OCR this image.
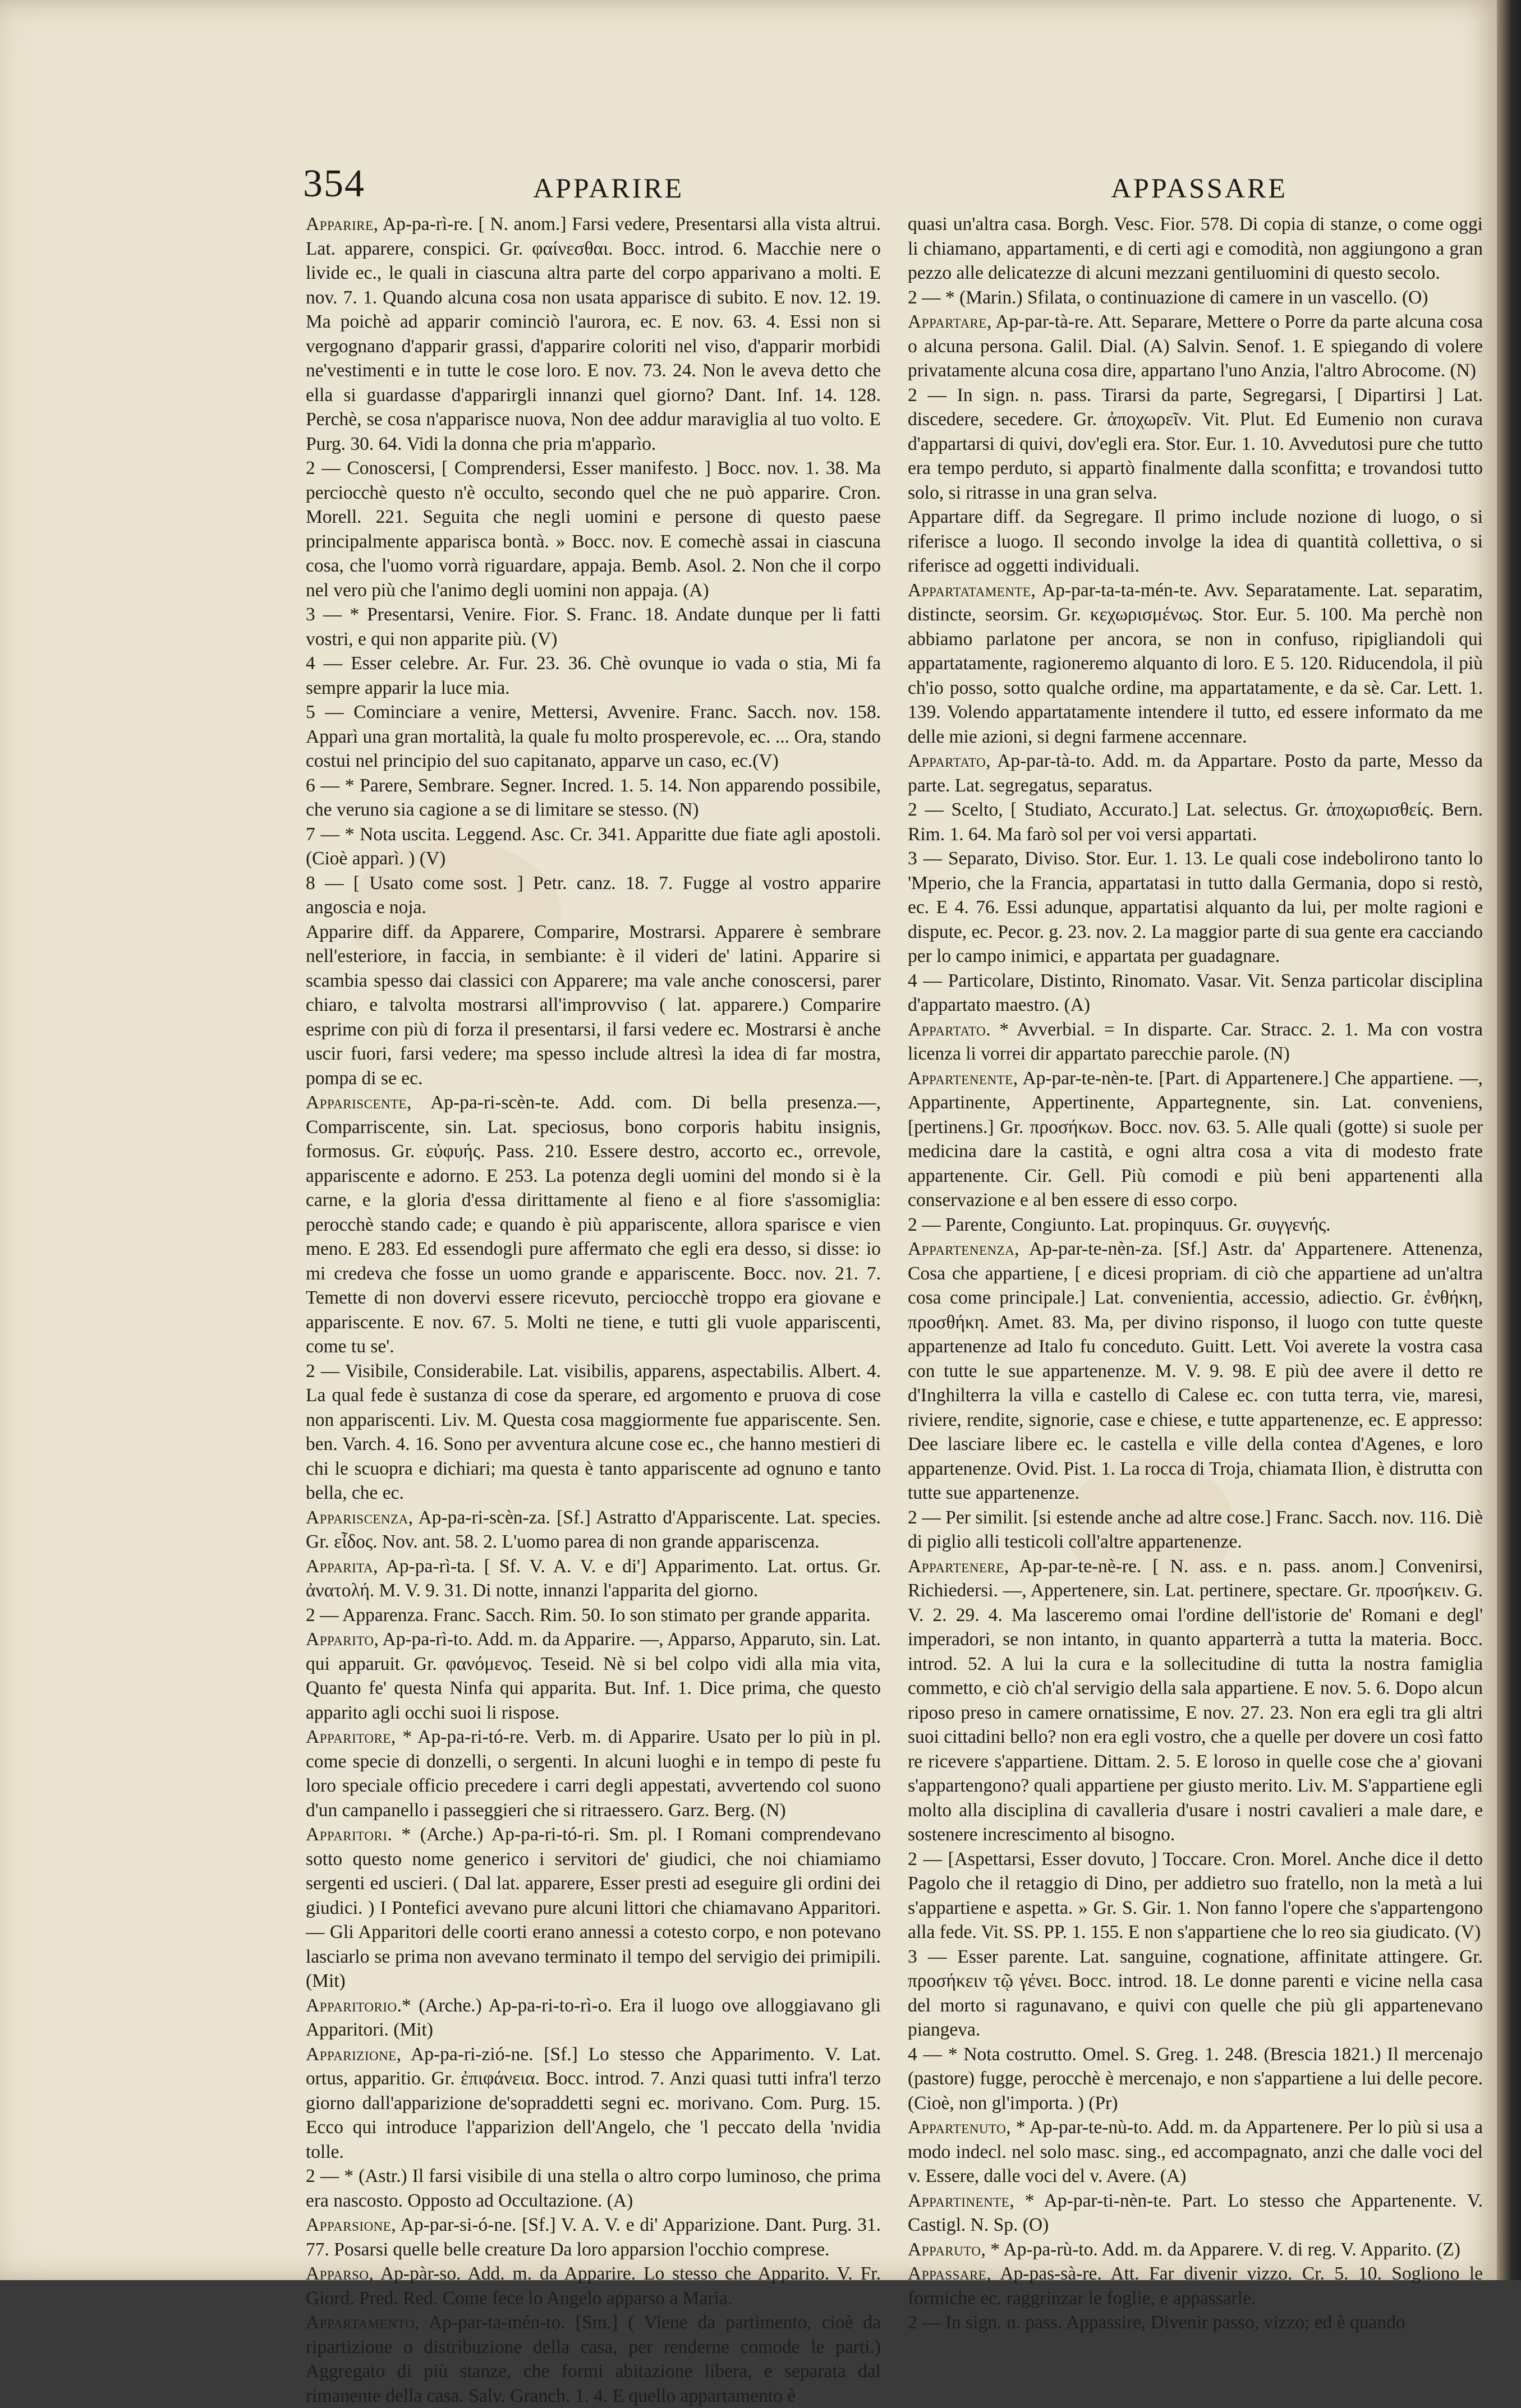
354	APPARIRE	APPASSARE

Apparire, Ap-pa-rì-re. [ N. anom.] Farsi vedere, Presentarsi alla vista altrui. Lat. apparere, conspici. Gr. φαίνεσθαι. Bocc. introd. 6. Macchie nere o livide ec., le quali in ciascuna altra parte del corpo apparivano a molti. E nov. 7. 1. Quando alcuna cosa non usata apparisce di subito. E nov. 12. 19. Ma poichè ad apparir cominciò l'aurora, ec. E nov. 63. 4. Essi non si vergognano d'apparir grassi, d'apparire coloriti nel viso, d'apparir morbidi ne'vestimenti e in tutte le cose loro. E nov. 73. 24. Non le aveva detto che ella si guardasse d'apparirgli innanzi quel giorno? Dant. Inf. 14. 128. Perchè, se cosa n'apparisce nuova, Non dee addur maraviglia al tuo volto. E Purg. 30. 64. Vidi la donna che pria m'apparìo.

2 — Conoscersi, [ Comprendersi, Esser manifesto. ] Bocc. nov. 1. 38. Ma perciocchè questo n'è occulto, secondo quel che ne può apparire. Cron. Morell. 221. Seguita che negli uomini e persone di questo paese principalmente apparisca bontà. » Bocc. nov. E comechè assai in ciascuna cosa, che l'uomo vorrà riguardare, appaja. Bemb. Asol. 2. Non che il corpo nel vero più che l'animo degli uomini non appaja. (A)

3 — * Presentarsi, Venire. Fior. S. Franc. 18. Andate dunque per li fatti vostri, e qui non apparite più. (V)

4 — Esser celebre. Ar. Fur. 23. 36. Chè ovunque io vada o stia, Mi fa sempre apparir la luce mia.

5 — Cominciare a venire, Mettersi, Avvenire. Franc. Sacch. nov. 158. Apparì una gran mortalità, la quale fu molto prosperevole, ec. ... Ora, stando costui nel principio del suo capitanato, apparve un caso, ec.(V)

6 — * Parere, Sembrare. Segner. Incred. 1. 5. 14. Non apparendo possibile, che veruno sia cagione a se di limitare se stesso. (N)

7 — * Nota uscita. Leggend. Asc. Cr. 341. Apparitte due fiate agli apostoli. (Cioè apparì. ) (V)

8 — [ Usato come sost. ] Petr. canz. 18. 7. Fugge al vostro apparire angoscia e noja.

Apparire diff. da Apparere, Comparire, Mostrarsi. Apparere è sembrare nell'esteriore, in faccia, in sembiante: è il videri de' latini. Apparire si scambia spesso dai classici con Apparere; ma vale anche conoscersi, parer chiaro, e talvolta mostrarsi all'improvviso ( lat. apparere.) Comparire esprime con più di forza il presentarsi, il farsi vedere ec. Mostrarsi è anche uscir fuori, farsi vedere; ma spesso include altresì la idea di far mostra, pompa di se ec.

Appariscente, Ap-pa-ri-scèn-te. Add. com. Di bella presenza.—, Comparriscente, sin. Lat. speciosus, bono corporis habitu insignis, formosus. Gr. εὐφυής. Pass. 210. Essere destro, accorto ec., orrevole, appariscente e adorno. E 253. La potenza degli uomini del mondo si è la carne, e la gloria d'essa dirittamente al fieno e al fiore s'assomiglia: perocchè stando cade; e quando è più appariscente, allora sparisce e vien meno. E 283. Ed essendogli pure affermato che egli era desso, si disse: io mi credeva che fosse un uomo grande e appariscente. Bocc. nov. 21. 7. Temette di non dovervi essere ricevuto, perciocchè troppo era giovane e appariscente. E nov. 67. 5. Molti ne tiene, e tutti gli vuole appariscenti, come tu se'.

2 — Visibile, Considerabile. Lat. visibilis, apparens, aspectabilis. Albert. 4. La qual fede è sustanza di cose da sperare, ed argomento e pruova di cose non appariscenti. Liv. M. Questa cosa maggiormente fue appariscente. Sen. ben. Varch. 4. 16. Sono per avventura alcune cose ec., che hanno mestieri di chi le scuopra e dichiari; ma questa è tanto appariscente ad ognuno e tanto bella, che ec.

Appariscenza, Ap-pa-ri-scèn-za. [Sf.] Astratto d'Appariscente. Lat. species. Gr. εἶδος. Nov. ant. 58. 2. L'uomo parea di non grande appariscenza.

Apparita, Ap-pa-rì-ta. [ Sf. V. A. V. e di'] Apparimento. Lat. ortus. Gr. ἀνατολή. M. V. 9. 31. Di notte, innanzi l'apparita del giorno.

2 — Apparenza. Franc. Sacch. Rim. 50. Io son stimato per grande apparita.

Apparito, Ap-pa-rì-to. Add. m. da Apparire. —, Apparso, Apparuto, sin. Lat. qui apparuit. Gr. φανόμενος. Teseid. Nè si bel colpo vidi alla mia vita, Quanto fe' questa Ninfa qui apparita. But. Inf. 1. Dice prima, che questo apparito agli occhi suoi li rispose.

Apparitore, * Ap-pa-ri-tó-re. Verb. m. di Apparire. Usato per lo più in pl. come specie di donzelli, o sergenti. In alcuni luoghi e in tempo di peste fu loro speciale officio precedere i carri degli appestati, avvertendo col suono d'un campanello i passeggieri che si ritraessero. Garz. Berg. (N)

Apparitori. * (Arche.) Ap-pa-ri-tó-ri. Sm. pl. I Romani comprendevano sotto questo nome generico i servitori de' giudici, che noi chiamiamo sergenti ed uscieri. ( Dal lat. apparere, Esser presti ad eseguire gli ordini dei giudici. ) I Pontefici avevano pure alcuni littori che chiamavano Apparitori. — Gli Apparitori delle coorti erano annessi a cotesto corpo, e non potevano lasciarlo se prima non avevano terminato il tempo del servigio dei primipili. (Mit)

Apparitorio.* (Arche.) Ap-pa-ri-to-rì-o. Era il luogo ove alloggiavano gli Apparitori. (Mit)

Apparizione, Ap-pa-ri-zió-ne. [Sf.] Lo stesso che Apparimento. V. Lat. ortus, apparitio. Gr. ἐπιφάνεια. Bocc. introd. 7. Anzi quasi tutti infra'l terzo giorno dall'apparizione de'sopraddetti segni ec. morivano. Com. Purg. 15. Ecco qui introduce l'apparizion dell'Angelo, che 'l peccato della 'nvidia tolle.

2 — * (Astr.) Il farsi visibile di una stella o altro corpo luminoso, che prima era nascosto. Opposto ad Occultazione. (A)

Apparsione, Ap-par-si-ó-ne. [Sf.] V. A. V. e di' Apparizione. Dant. Purg. 31. 77. Posarsi quelle belle creature Da loro apparsion l'occhio comprese.

Apparso, Ap-pàr-so. Add. m. da Apparire. Lo stesso che Apparito. V. Fr. Giord. Pred. Red. Come fece lo Angelo apparso a Maria.

Appartamento, Ap-par-ta-mén-to. [Sm.] ( Viene da partimento, cioè da ripartizione o distribuzione della casa, per renderne comode le parti.) Aggregato di più stanze, che formi abitazione libera, e separata dal rimanente della casa. Salv. Granch. 1. 4. E quello appartamento è

quasi un'altra casa. Borgh. Vesc. Fior. 578. Di copia di stanze, o come oggi li chiamano, appartamenti, e di certi agi e comodità, non aggiungono a gran pezzo alle delicatezze di alcuni mezzani gentiluomini di questo secolo.

2 — * (Marin.) Sfilata, o continuazione di camere in un vascello. (O)

Appartare, Ap-par-tà-re. Att. Separare, Mettere o Porre da parte alcuna cosa o alcuna persona. Galil. Dial. (A) Salvin. Senof. 1. E spiegando di volere privatamente alcuna cosa dire, appartano l'uno Anzia, l'altro Abrocome. (N)

2 — In sign. n. pass. Tirarsi da parte, Segregarsi, [ Dipartirsi ] Lat. discedere, secedere. Gr. ἀποχωρεῖν. Vit. Plut. Ed Eumenio non curava d'appartarsi di quivi, dov'egli era. Stor. Eur. 1. 10. Avvedutosi pure che tutto era tempo perduto, si appartò finalmente dalla sconfitta; e trovandosi tutto solo, si ritrasse in una gran selva.

Appartare diff. da Segregare. Il primo include nozione di luogo, o si riferisce a luogo. Il secondo involge la idea di quantità collettiva, o si riferisce ad oggetti individuali.

Appartatamente, Ap-par-ta-ta-mén-te. Avv. Separatamente. Lat. separatim, distincte, seorsim. Gr. κεχωρισμένως. Stor. Eur. 5. 100. Ma perchè non abbiamo parlatone per ancora, se non in confuso, ripigliandoli qui appartatamente, ragioneremo alquanto di loro. E 5. 120. Riducendola, il più ch'io posso, sotto qualche ordine, ma appartatamente, e da sè. Car. Lett. 1. 139. Volendo appartatamente intendere il tutto, ed essere informato da me delle mie azioni, si degni farmene accennare.

Appartato, Ap-par-tà-to. Add. m. da Appartare. Posto da parte, Messo da parte. Lat. segregatus, separatus.

2 — Scelto, [ Studiato, Accurato.] Lat. selectus. Gr. ἀποχωρισθείς. Bern. Rim. 1. 64. Ma farò sol per voi versi appartati.

3 — Separato, Diviso. Stor. Eur. 1. 13. Le quali cose indebolirono tanto lo 'Mperio, che la Francia, appartatasi in tutto dalla Germania, dopo si restò, ec. E 4. 76. Essi adunque, appartatisi alquanto da lui, per molte ragioni e dispute, ec. Pecor. g. 23. nov. 2. La maggior parte di sua gente era cacciando per lo campo inimici, e appartata per guadagnare.

4 — Particolare, Distinto, Rinomato. Vasar. Vit. Senza particolar disciplina d'appartato maestro. (A)

Appartato. * Avverbial. = In disparte. Car. Stracc. 2. 1. Ma con vostra licenza li vorrei dir appartato parecchie parole. (N)

Appartenente, Ap-par-te-nèn-te. [Part. di Appartenere.] Che appartiene. —, Appartinente, Appertinente, Appartegnente, sin. Lat. conveniens, [pertinens.] Gr. προσήκων. Bocc. nov. 63. 5. Alle quali (gotte) si suole per medicina dare la castità, e ogni altra cosa a vita di modesto frate appartenente. Cir. Gell. Più comodi e più beni appartenenti alla conservazione e al ben essere di esso corpo.

2 — Parente, Congiunto. Lat. propinquus. Gr. συγγενής.

Appartenenza, Ap-par-te-nèn-za. [Sf.] Astr. da' Appartenere. Attenenza, Cosa che appartiene, [ e dicesi propriam. di ciò che appartiene ad un'altra cosa come principale.] Lat. convenientia, accessio, adiectio. Gr. ἐνθήκη, προσθήκη. Amet. 83. Ma, per divino risponso, il luogo con tutte queste appartenenze ad Italo fu conceduto. Guitt. Lett. Voi averete la vostra casa con tutte le sue appartenenze. M. V. 9. 98. E più dee avere il detto re d'Inghilterra la villa e castello di Calese ec. con tutta terra, vie, maresi, riviere, rendite, signorie, case e chiese, e tutte appartenenze, ec. E appresso: Dee lasciare libere ec. le castella e ville della contea d'Agenes, e loro appartenenze. Ovid. Pist. 1. La rocca di Troja, chiamata Ilion, è distrutta con tutte sue appartenenze.

2 — Per similit. [si estende anche ad altre cose.] Franc. Sacch. nov. 116. Diè di piglio alli testicoli coll'altre appartenenze.

Appartenere, Ap-par-te-nè-re. [ N. ass. e n. pass. anom.] Convenirsi, Richiedersi. —, Appertenere, sin. Lat. pertinere, spectare. Gr. προσήκειν. G. V. 2. 29. 4. Ma lasceremo omai l'ordine dell'istorie de' Romani e degl' imperadori, se non intanto, in quanto apparterrà a tutta la materia. Bocc. introd. 52. A lui la cura e la sollecitudine di tutta la nostra famiglia commetto, e ciò ch'al servigio della sala appartiene. E nov. 5. 6. Dopo alcun riposo preso in camere ornatissime, E nov. 27. 23. Non era egli tra gli altri suoi cittadini bello? non era egli vostro, che a quelle per dovere un così fatto re ricevere s'appartiene. Dittam. 2. 5. E loroso in quelle cose che a' giovani s'appartengono? quali appartiene per giusto merito. Liv. M. S'appartiene egli molto alla disciplina di cavalleria d'usare i nostri cavalieri a male dare, e sostenere increscimento al bisogno.

2 — [Aspettarsi, Esser dovuto, ] Toccare. Cron. Morel. Anche dice il detto Pagolo che il retaggio di Dino, per addietro suo fratello, non la metà a lui s'appartiene e aspetta. » Gr. S. Gir. 1. Non fanno l'opere che s'appartengono alla fede. Vit. SS. PP. 1. 155. E non s'appartiene che lo reo sia giudicato. (V)

3 — Esser parente. Lat. sanguine, cognatione, affinitate attingere. Gr. προσήκειν τῷ γένει. Bocc. introd. 18. Le donne parenti e vicine nella casa del morto si ragunavano, e quivi con quelle che più gli appartenevano piangeva.

4 — * Nota costrutto. Omel. S. Greg. 1. 248. (Brescia 1821.) Il mercenajo (pastore) fugge, perocchè è mercenajo, e non s'appartiene a lui delle pecore. (Cioè, non gl'importa. ) (Pr)

Appartenuto, * Ap-par-te-nù-to. Add. m. da Appartenere. Per lo più si usa a modo indecl. nel solo masc. sing., ed accompagnato, anzi che dalle voci del v. Essere, dalle voci del v. Avere. (A)

Appartinente, * Ap-par-ti-nèn-te. Part. Lo stesso che Appartenente. V. Castigl. N. Sp. (O)

Apparuto, * Ap-pa-rù-to. Add. m. da Apparere. V. di reg. V. Apparito. (Z)

Appassare, Ap-pas-sà-re. Att. Far divenir vizzo. Cr. 5. 10. Sogliono le formiche ec. raggrinzar le foglie, e appassarle.

2 — In sign. n. pass. Appassire, Divenir passo, vizzo; ed è quando
